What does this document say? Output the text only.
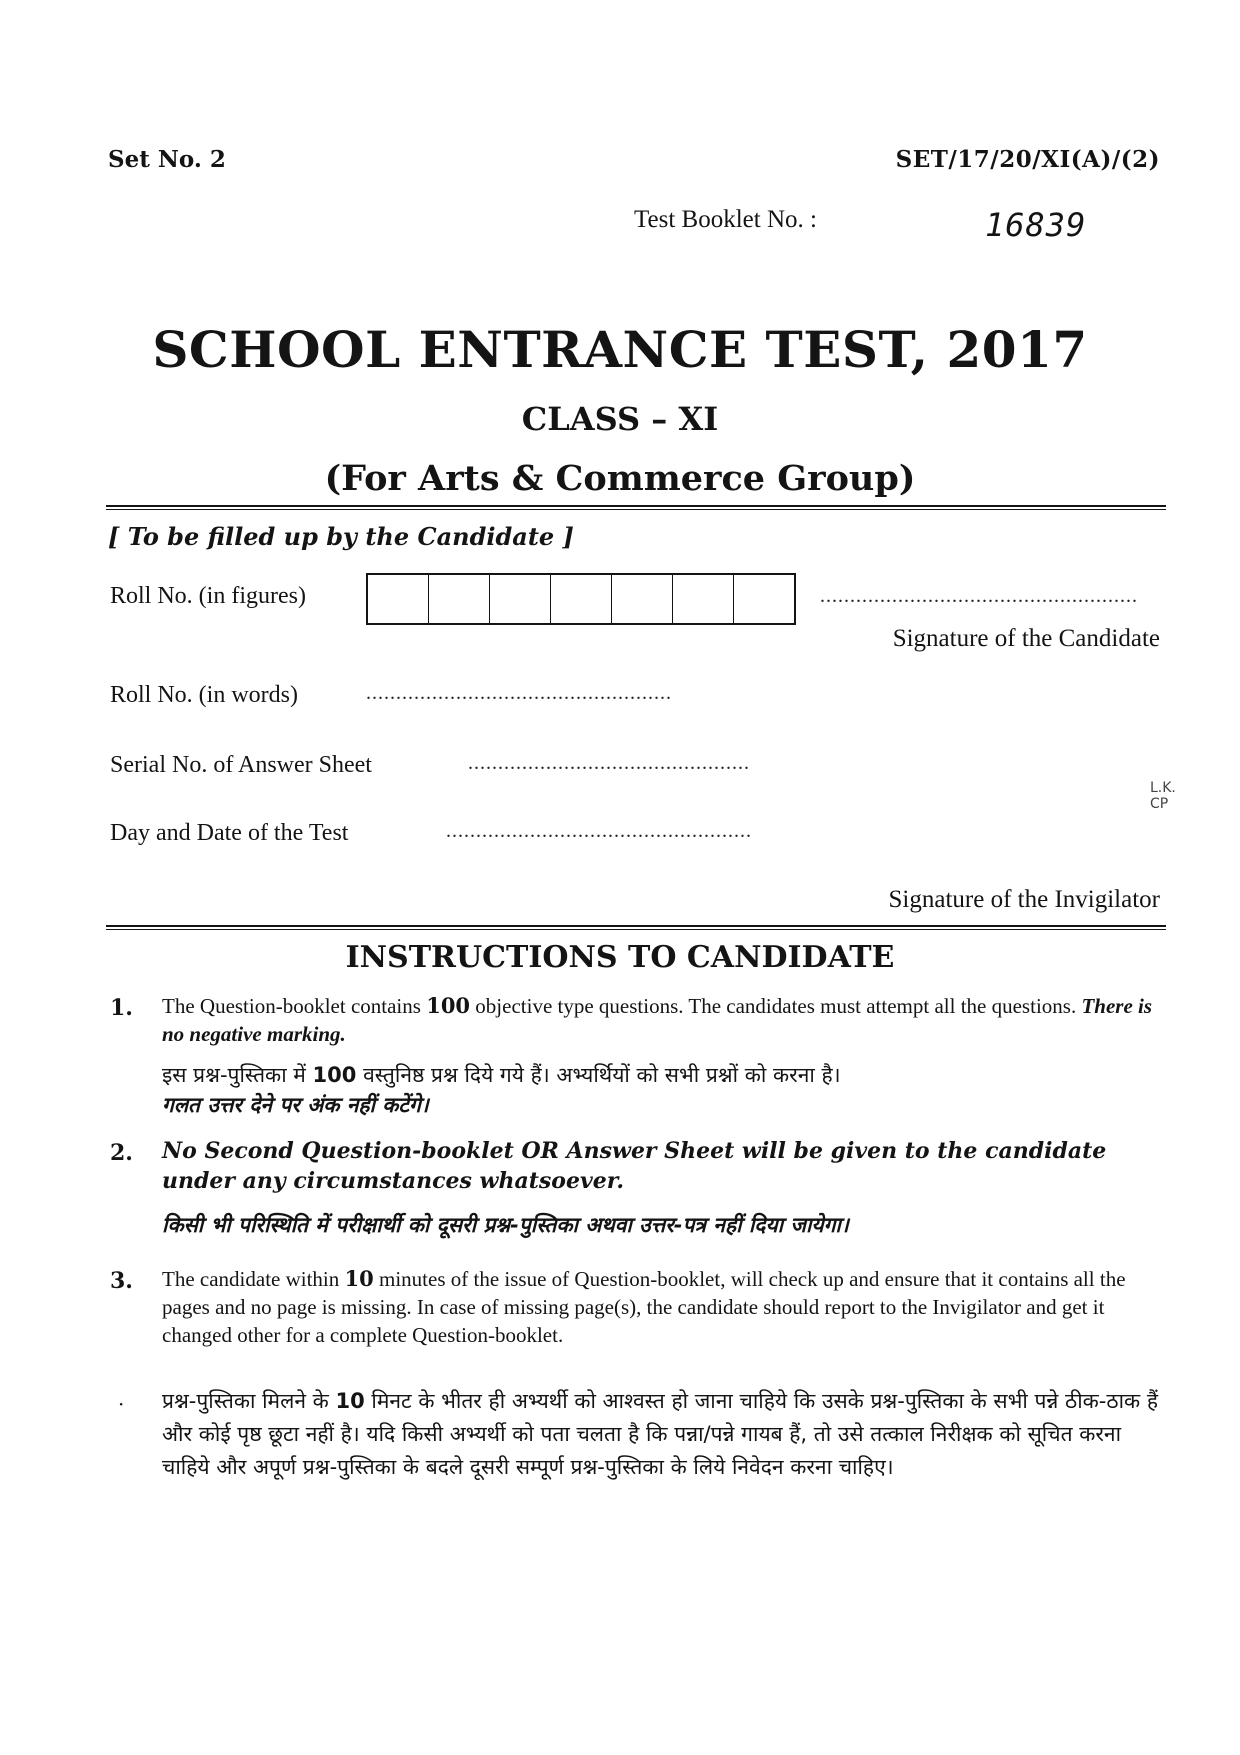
Set No. 2	SET/17/20/XI(A)/(2)
Test Booklet No. :	16839
SCHOOL ENTRANCE TEST, 2017
CLASS – XI
(For Arts & Commerce Group)
[ To be filled up by the Candidate ]
Roll No. (in figures)	.....................................................
Signature of the Candidate
Roll No. (in words)	...................................................
Serial No. of Answer Sheet	...............................................
Day and Date of the Test	...................................................
Signature of the Invigilator
INSTRUCTIONS TO CANDIDATE
1. The Question-booklet contains 100 objective type questions. The candidates must attempt all the questions. There is no negative marking.
इस प्रश्न-पुस्तिका में 100 वस्तुनिष्ठ प्रश्न दिये गये हैं। अभ्यर्थियों को सभी प्रश्नों को करना है।
गलत उत्तर देने पर अंक नहीं कटेंगे।
2. No Second Question-booklet OR Answer Sheet will be given to the candidate under any circumstances whatsoever.
किसी भी परिस्थिति में परीक्षार्थी को दूसरी प्रश्न-पुस्तिका अथवा उत्तर-पत्र नहीं दिया जायेगा।
3. The candidate within 10 minutes of the issue of Question-booklet, will check up and ensure that it contains all the pages and no page is missing. In case of missing page(s), the candidate should report to the Invigilator and get it changed other for a complete Question-booklet.
प्रश्न-पुस्तिका मिलने के 10 मिनट के भीतर ही अभ्यर्थी को आश्वस्त हो जाना चाहिये कि उसके प्रश्न-पुस्तिका के सभी पन्ने ठीक-ठाक हैं और कोई पृष्ठ छूटा नहीं है। यदि किसी अभ्यर्थी को पता चलता है कि पन्ना/पन्ने गायब हैं, तो उसे तत्काल निरीक्षक को सूचित करना चाहिये और अपूर्ण प्रश्न-पुस्तिका के बदले दूसरी सम्पूर्ण प्रश्न-पुस्तिका के लिये निवेदन करना चाहिए।
·
L.K.
CP
